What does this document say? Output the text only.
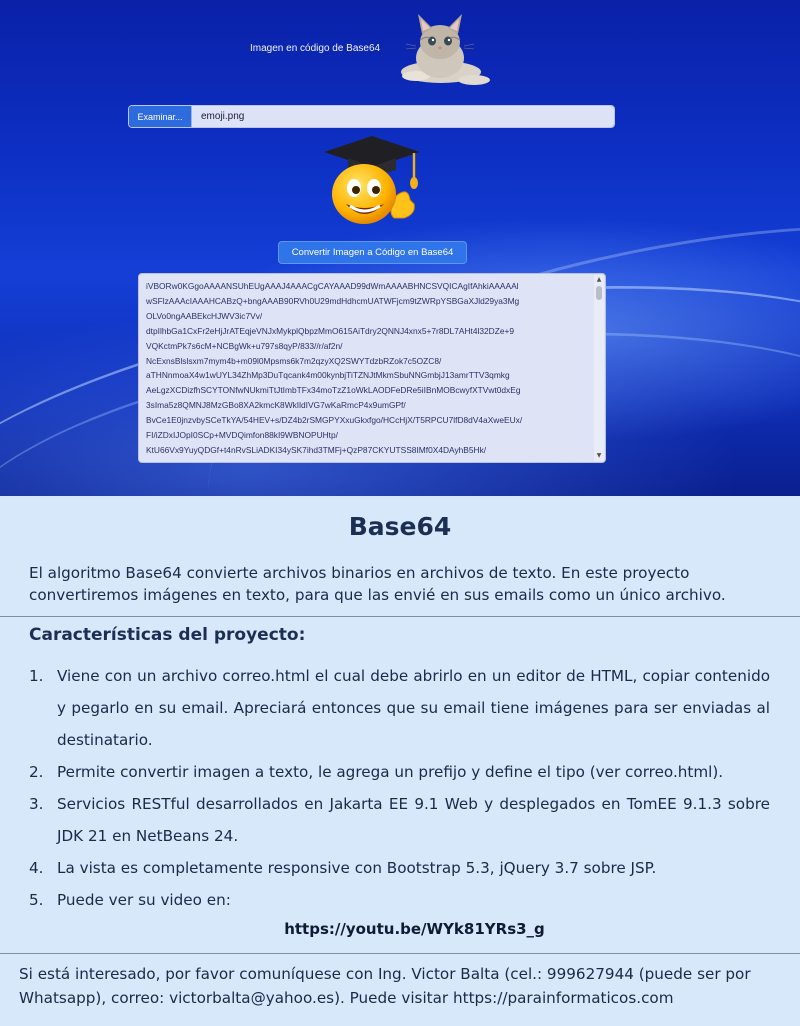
Imagen en código de Base64
Examinar...	emoji.png
Convertir Imagen a Código en Base64
iVBORw0KGgoAAAANSUhEUgAAAJ4AAACgCAYAAAD99dWmAAAABHNCSVQICAgIfAhkiAAAAAl
wSFlzAAAcIAAAHCABzQ+bngAAAB90RVh0U29mdHdhcmUATWFjcm9tZWRpYSBGaXJld29ya3Mg
OLVo0ngAABEkcHJWV3ic7Vv/
dtpIlhbGa1CxFr2eHjJrATEqjeVNJxMykplQbpzMmO615AiTdry2QNNJ4xnx5+7r8DL7AHt4l32DZe+9
VQKctmPk7s6cM+NCBgWk+u797s8qyP/833//r/af2n/
NcExnsBlslsxm7mym4b+m09l0Mpsms6k7m2qzyXQ2SWYTdzbRZok7c5OZC8/
aTHNnmoaX4w1wUYL34ZhMp3DuTqcank4m00kynbjTiTZNJtMkmSbuNNGmbjJ13amrTTV3qmkg
AeLgzXCDizfhSCYTONfwNUkmiTtJtImbTFx34moTzZ1oWkLAODFeDRe5iIBnMOBcwyfXTVwt0dxEg
3sIma5z8QMNJ8MzGBo8XA2kmcK8WkIldIVG7wKaRmcP4x9umGPf/
BvCe1E0jnzvbySCeTkYA/54HEV+s/DZ4b2rSMGPYXxuGkxfgo/HCcHjX/T5RPCU7lfD8dV4aXweEUx/
FI/iZDxIJOpI0SCp+MVDQimfon88kI9WBNOPUHtp/
KtU66Vx9YuyQDGf+t4nRvSLiADKI34ySK7ihd3TMFj+QzP87CKYUTSS8IMf0X4DAyhB5Hk/
▲
▼
Base64

El algoritmo Base64 convierte archivos binarios en archivos de texto. En este proyecto convertiremos imágenes en texto, para que las envié en sus emails como un único archivo.

Características del proyecto:
1. Viene con un archivo correo.html el cual debe abrirlo en un editor de HTML, copiar contenido y pegarlo en su email. Apreciará entonces que su email tiene imágenes para ser enviadas al destinatario.
2. Permite convertir imagen a texto, le agrega un prefijo y define el tipo (ver correo.html).
3. Servicios RESTful desarrollados en Jakarta EE 9.1 Web y desplegados en TomEE 9.1.3 sobre JDK 21 en NetBeans 24.
4. La vista es completamente responsive con Bootstrap 5.3, jQuery 3.7 sobre JSP.
5. Puede ver su video en:
https://youtu.be/WYk81YRs3_g

Si está interesado, por favor comuníquese con Ing. Victor Balta (cel.: 999627944 (puede ser por Whatsapp), correo: victorbalta@yahoo.es). Puede visitar https://parainformaticos.com
